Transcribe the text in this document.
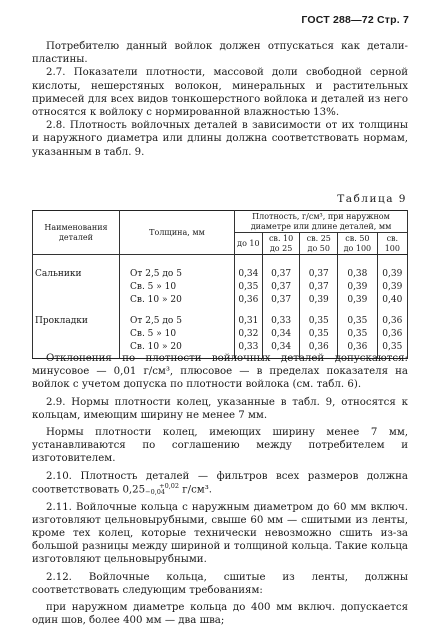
ГОСТ 288—72 Стр. 7

Потребителю данный войлок должен отпускаться как детали-пластины.

2.7. Показатели плотности, массовой доли свободной серной кислоты, нешерстяных волокон, минеральных и растительных примесей для всех видов тонкошерстного войлока и деталей из него относятся к войлоку с нормированной влажностью 13%.

2.8. Плотность войлочных деталей в зависимости от их толщины и наружного диаметра или длины должна соответствовать нормам, указанным в табл. 9.

Таблица 9
Наименования деталей	Толщина, мм	Плотность, г/см³, при наружном диаметре или длине деталей, мм				
		до 10	св. 10 до 25	св. 25 до 50	св. 50 до 100	св. 100
Сальники	От 2,5 до 5	0,34	0,37	0,37	0,38	0,39
	Св. 5 » 10	0,35	0,37	0,37	0,39	0,39
	Св. 10 » 20	0,36	0,37	0,39	0,39	0,40
Прокладки	От 2,5 до 5	0,31	0,33	0,35	0,35	0,36
	Св. 5 » 10	0,32	0,34	0,35	0,35	0,36
	Св. 10 » 20	0,33	0,34	0,36	0,36	0,35

Отклонения по плотности войлочных деталей допускаются: минусовое — 0,01 г/см³, плюсовое — в пределах показателя на войлок с учетом допуска по плотности войлока (см. табл. 6).

2.9. Нормы плотности колец, указанные в табл. 9, относятся к кольцам, имеющим ширину не менее 7 мм.

Нормы плотности колец, имеющих ширину менее 7 мм, устанавливаются по соглашению между потребителем и изготовителем.

2.10. Плотность деталей — фильтров всех размеров должна соответствовать 0,25 +0,02
−0,04 г/см³.

2.11. Войлочные кольца с наружным диаметром до 60 мм включ. изготовляют цельновырубными, свыше 60 мм — сшитыми из ленты, кроме тех колец, которые технически невозможно сшить из-за большой разницы между шириной и толщиной кольца. Такие кольца изготовляют цельновырубными.

2.12. Войлочные кольца, сшитые из ленты, должны соответствовать следующим требованиям:

при наружном диаметре кольца до 400 мм включ. допускается один шов, более 400 мм — два шва;
